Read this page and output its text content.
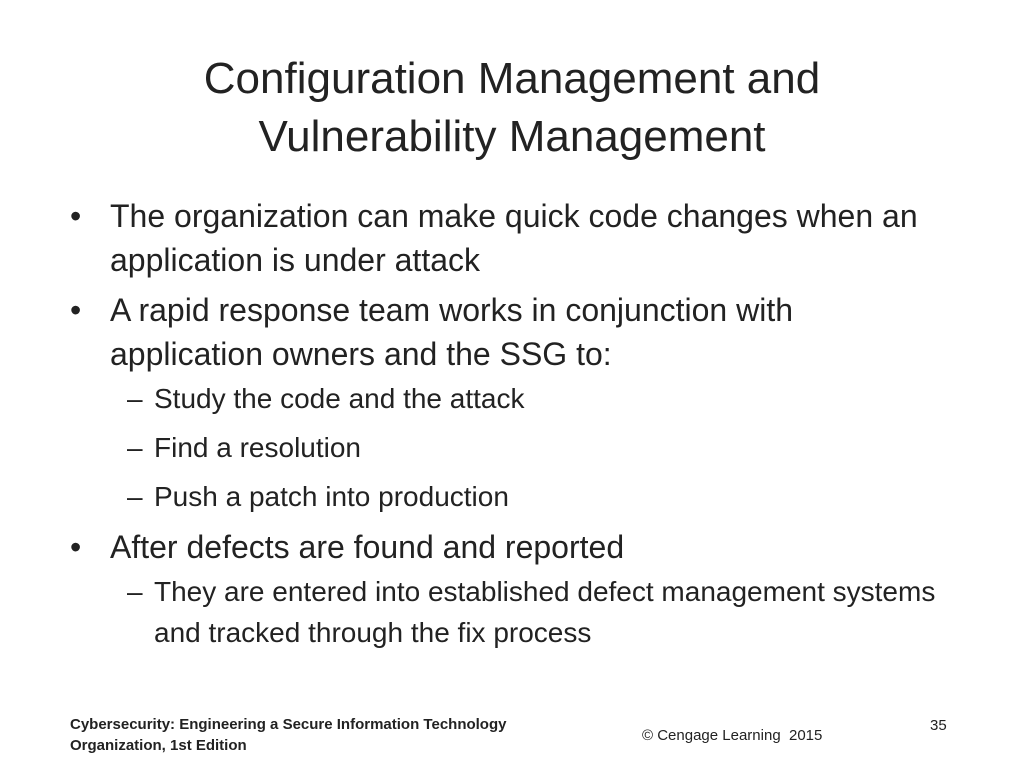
Configuration Management and
Vulnerability Management
• The organization can make quick code changes when an application is under attack
• A rapid response team works in conjunction with application owners and the SSG to:
– Study the code and the attack
– Find a resolution
– Push a patch into production
• After defects are found and reported
– They are entered into established defect management systems and tracked through the fix process
Cybersecurity: Engineering a Secure Information Technology
Organization, 1st Edition
© Cengage Learning  2015
35
